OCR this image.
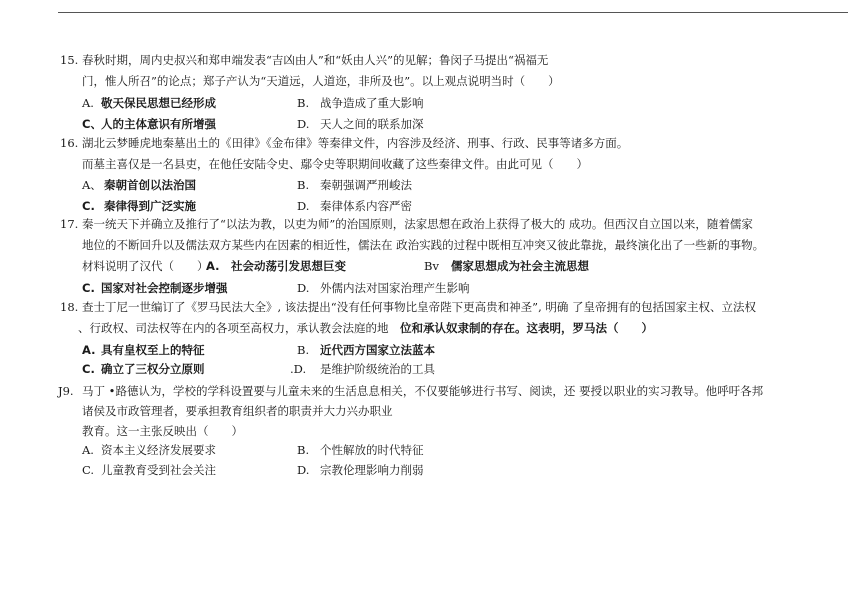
15. 春秋时期，周内史叔兴和郑申端发表“吉凶由人”和“妖由人兴”的见解；鲁闵子马提出“祸福无
门，惟人所召”的论点；郑子产认为“天道远，人道迩，非所及也”。以上观点说明当时（　　）
A. 敬天保民思想已经形成	B. 战争造成了重大影响
C、 人的主体意识有所增强	D. 天人之间的联系加深
16. 湖北云梦睡虎地秦墓出土的《田律》《金布律》等秦律文件，内容涉及经济、刑事、行政、民事等诸多方面。
而墓主喜仅是一名县吏，在他任安陆令史、鄢令史等职期间收藏了这些秦律文件。由此可见（　　）
A、 秦朝首创以法治国	B. 秦朝强调严刑峻法
C. 秦律得到广泛实施	D. 秦律体系内容严密
17. 秦一统天下并确立及推行了“以法为教，以吏为师”的治国原则，法家思想在政治上获得了极大的 成功。但西汉自立国以来，随着儒家
地位的不断回升以及儒法双方某些内在因素的相近性，儒法在 政治实践的过程中既相互冲突又彼此靠拢，最终演化出了一些新的事物。
材料说明了汉代（　　）
A. 社会动荡引发思想巨变	Bv 儒家思想成为社会主流思想
C. 国家对社会控制逐步增强	D. 外儒内法对国家治理产生影响
18. 查士丁尼一世编订了《罗马民法大全》, 该法提出“没有任何事物比皇帝陛下更高贵和神圣”, 明确 了皇帝拥有的包括国家主权、立法权
、行政权、司法权等在内的各项至高权力，承认教会法庭的地 位和承认奴隶制的存在。这表明，罗马法（　　）
A. 具有皇权至上的特征	B. 近代西方国家立法蓝本
C. 确立了三权分立原则	.D. 是维护阶级统治的工具
J9. 马丁 •路德认为，学校的学科设置要与儿童未来的生活息息相关，不仅要能够进行书写、阅读，还 要授以职业的实习教导。他呼吁各邦
诸侯及市政管理者，要承担教育组织者的职责并大力兴办职业
教育。这一主张反映出（　　）
A. 资本主义经济发展要求	B. 个性解放的时代特征
C. 儿童教育受到社会关注	D. 宗教伦理影响力削弱
